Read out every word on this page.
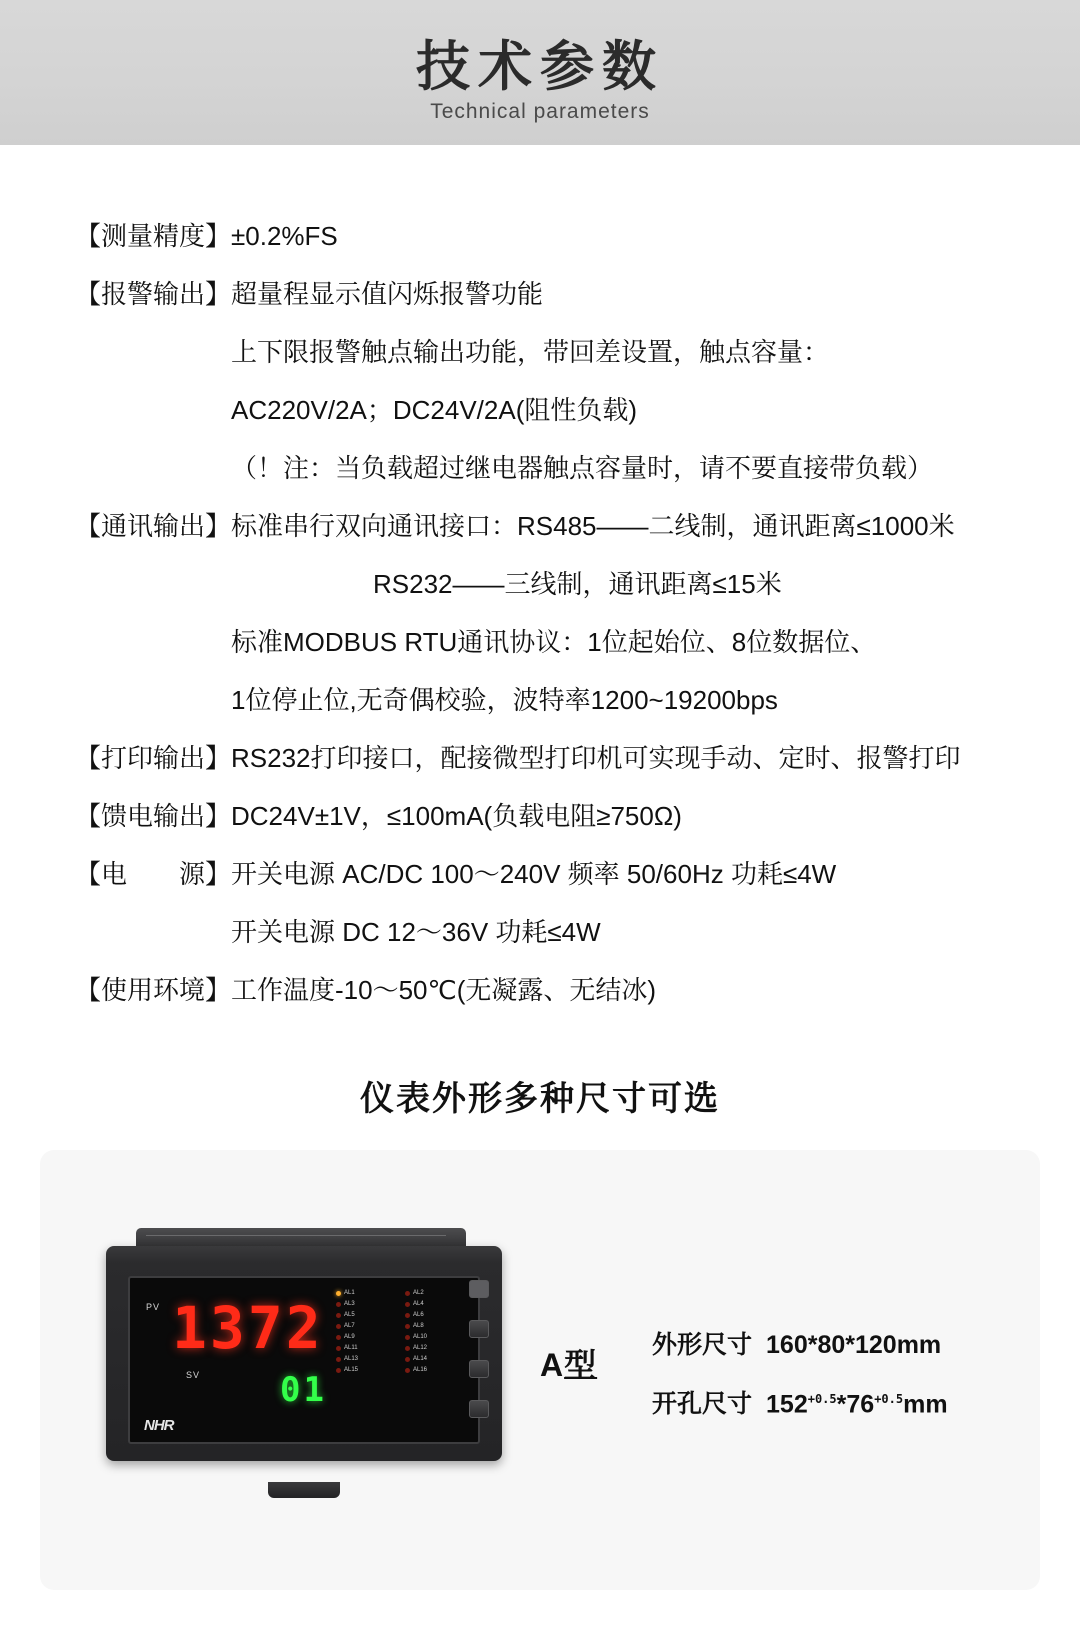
技术参数
Technical parameters
【测量精度】 ±0.2%FS
【报警输出】 超量程显示值闪烁报警功能
上下限报警触点输出功能，带回差设置，触点容量：
AC220V/2A；DC24V/2A(阻性负载)
（！注：当负载超过继电器触点容量时，请不要直接带负载）
【通讯输出】 标准串行双向通讯接口：RS485——二线制，通讯距离≤1000米
RS232——三线制，通讯距离≤15米
标准MODBUS RTU通讯协议：1位起始位、8位数据位、
1位停止位,无奇偶校验，波特率1200~19200bps
【打印输出】 RS232打印接口，配接微型打印机可实现手动、定时、报警打印
【馈电输出】 DC24V±1V，≤100mA(负载电阻≥750Ω)
【电　　源】 开关电源 AC/DC 100～240V 频率 50/60Hz 功耗≤4W
开关电源 DC 12～36V 功耗≤4W
【使用环境】 工作温度-10～50℃(无凝露、无结冰)
仪表外形多种尺寸可选
PV 1372
SV 01
NHR
AL1	AL2
AL3	AL4
AL5	AL6
AL7	AL8
AL9	AL10
AL11	AL12
AL13	AL14
AL15	AL16	A型
外形尺寸 160*80*120mm
开孔尺寸 $152^{+0.5}*76^{+0.5}mm$
